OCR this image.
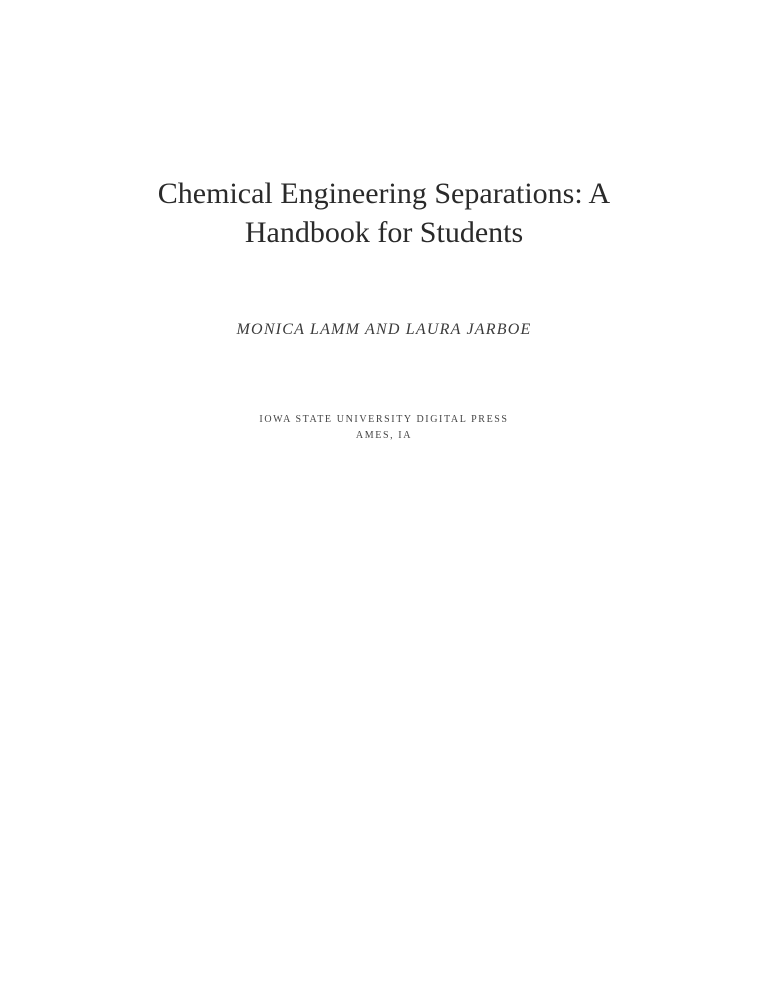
Chemical Engineering Separations: A Handbook for Students

MONICA LAMM AND LAURA JARBOE

IOWA STATE UNIVERSITY DIGITAL PRESS

AMES, IA
